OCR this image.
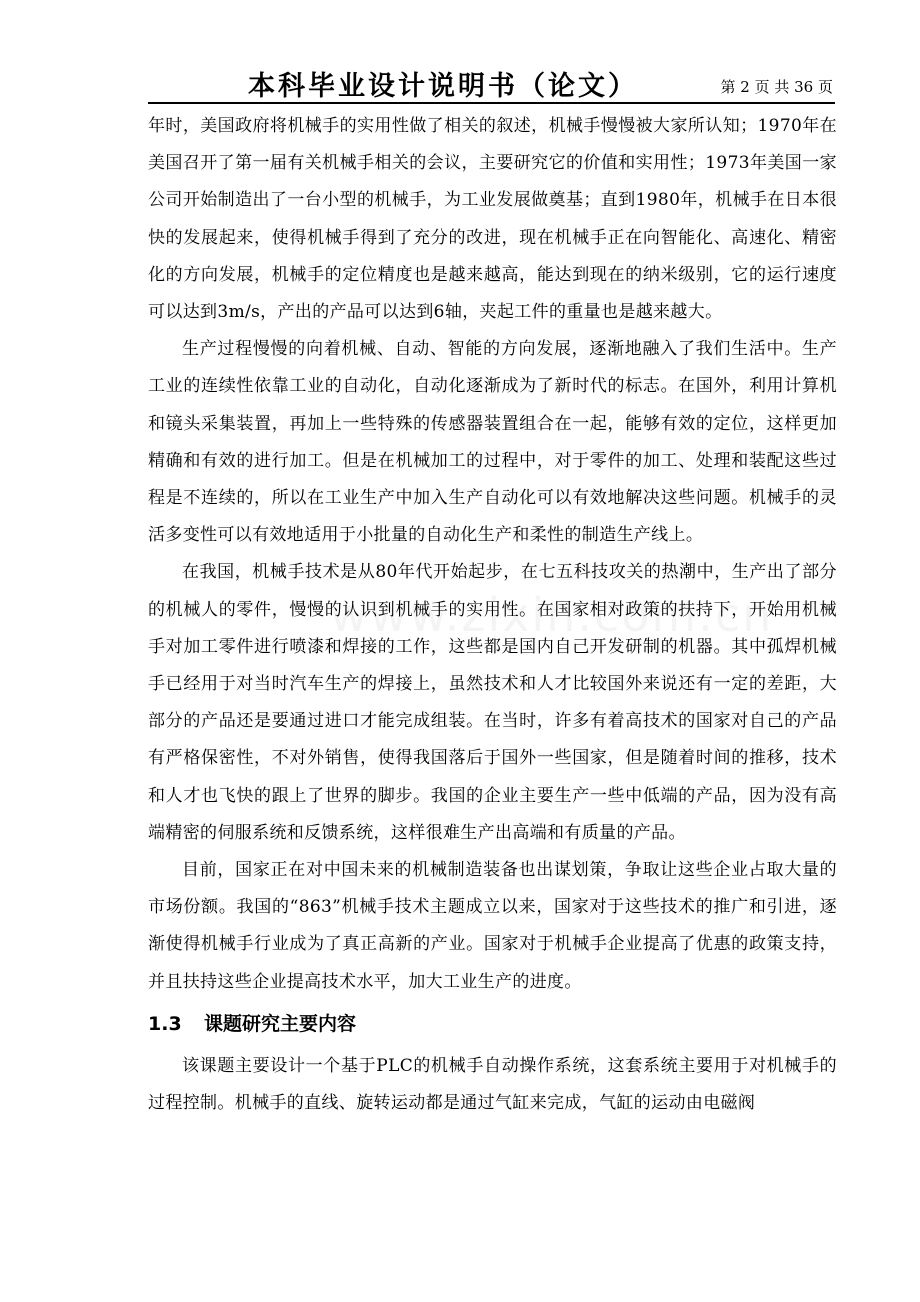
本科毕业设计说明书（论文）	第 2 页 共 36 页

年时，美国政府将机械手的实用性做了相关的叙述，机械手慢慢被大家所认知；1970年在美国召开了第一届有关机械手相关的会议，主要研究它的价值和实用性；1973年美国一家公司开始制造出了一台小型的机械手，为工业发展做奠基；直到1980年，机械手在日本很快的发展起来，使得机械手得到了充分的改进，现在机械手正在向智能化、高速化、精密化的方向发展，机械手的定位精度也是越来越高，能达到现在的纳米级别，它的运行速度可以达到3m/s，产出的产品可以达到6轴，夹起工件的重量也是越来越大。

生产过程慢慢的向着机械、自动、智能的方向发展，逐渐地融入了我们生活中。生产工业的连续性依靠工业的自动化，自动化逐渐成为了新时代的标志。在国外，利用计算机和镜头采集装置，再加上一些特殊的传感器装置组合在一起，能够有效的定位，这样更加精确和有效的进行加工。但是在机械加工的过程中，对于零件的加工、处理和装配这些过程是不连续的，所以在工业生产中加入生产自动化可以有效地解决这些问题。机械手的灵活多变性可以有效地适用于小批量的自动化生产和柔性的制造生产线上。

在我国，机械手技术是从80年代开始起步，在七五科技攻关的热潮中，生产出了部分的机械人的零件，慢慢的认识到机械手的实用性。在国家相对政策的扶持下，开始用机械手对加工零件进行喷漆和焊接的工作，这些都是国内自己开发研制的机器。其中孤焊机械手已经用于对当时汽车生产的焊接上，虽然技术和人才比较国外来说还有一定的差距，大部分的产品还是要通过进口才能完成组装。在当时，许多有着高技术的国家对自己的产品有严格保密性，不对外销售，使得我国落后于国外一些国家，但是随着时间的推移，技术和人才也飞快的跟上了世界的脚步。我国的企业主要生产一些中低端的产品，因为没有高端精密的伺服系统和反馈系统，这样很难生产出高端和有质量的产品。

目前，国家正在对中国未来的机械制造装备也出谋划策，争取让这些企业占取大量的市场份额。我国的“863”机械手技术主题成立以来，国家对于这些技术的推广和引进，逐渐使得机械手行业成为了真正高新的产业。国家对于机械手企业提高了优惠的政策支持，并且扶持这些企业提高技术水平，加大工业生产的进度。

1.3 课题研究主要内容

该课题主要设计一个基于PLC的机械手自动操作系统，这套系统主要用于对机械手的过程控制。机械手的直线、旋转运动都是通过气缸来完成，气缸的运动由电磁阀
